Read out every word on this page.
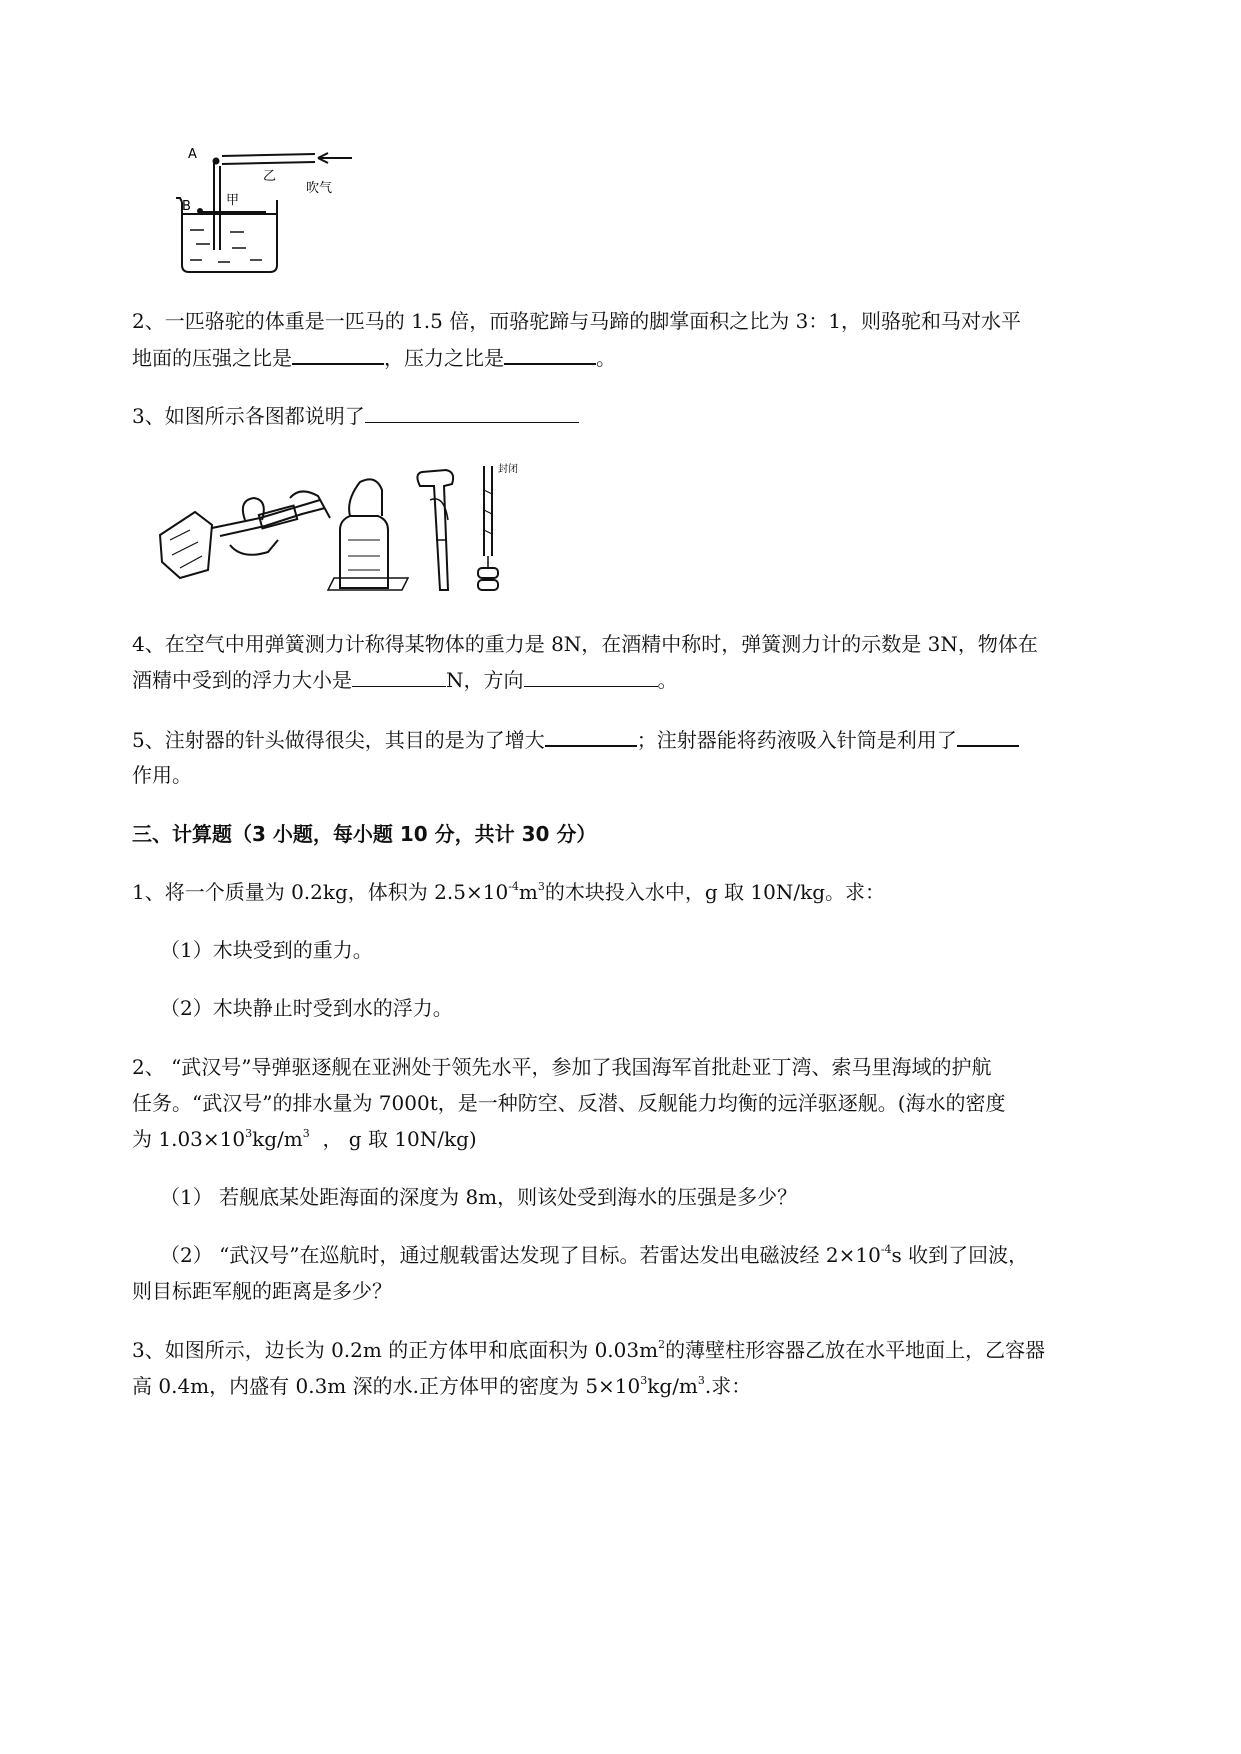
A
B
乙
甲
吹气
2、一匹骆驼的体重是一匹马的 1.5 倍，而骆驼蹄与马蹄的脚掌面积之比为 3：1，则骆驼和马对水平
地面的压强之比是	，压力之比是	。
3、如图所示各图都说明了
封闭
4、在空气中用弹簧测力计称得某物体的重力是 8N，在酒精中称时，弹簧测力计的示数是 3N，物体在
酒精中受到的浮力大小是	N，方向	。
5、注射器的针头做得很尖，其目的是为了增大	；注射器能将药液吸入针筒是利用了
作用。
三、计算题（3 小题，每小题 10 分，共计 30 分）
1、将一个质量为 0.2kg，体积为 $2.5\times 10^{-4}m^3$的木块投入水中，g 取 10N/kg。求：
（1）木块受到的重力。
（2）木块静止时受到水的浮力。
2、 “武汉号”导弹驱逐舰在亚洲处于领先水平，参加了我国海军首批赴亚丁湾、索马里海域的护航
任务。“武汉号”的排水量为 7000t，是一种防空、反潜、反舰能力均衡的远洋驱逐舰。(海水的密度
为 $1.03\times 10^3kg/m^3$  ， g 取 10N/kg)
（1） 若舰底某处距海面的深度为 8m，则该处受到海水的压强是多少？
（2） “武汉号”在巡航时，通过舰载雷达发现了目标。若雷达发出电磁波经 $2\times 10^{-4}s$ 收到了回波，
则目标距军舰的距离是多少？
3、如图所示，边长为 0.2m 的正方体甲和底面积为 $0.03m^2$的薄壁柱形容器乙放在水平地面上，乙容器
高 0.4m，内盛有 0.3m 深的水.正方体甲的密度为 $5\times 10^3kg/m^3$.求：
